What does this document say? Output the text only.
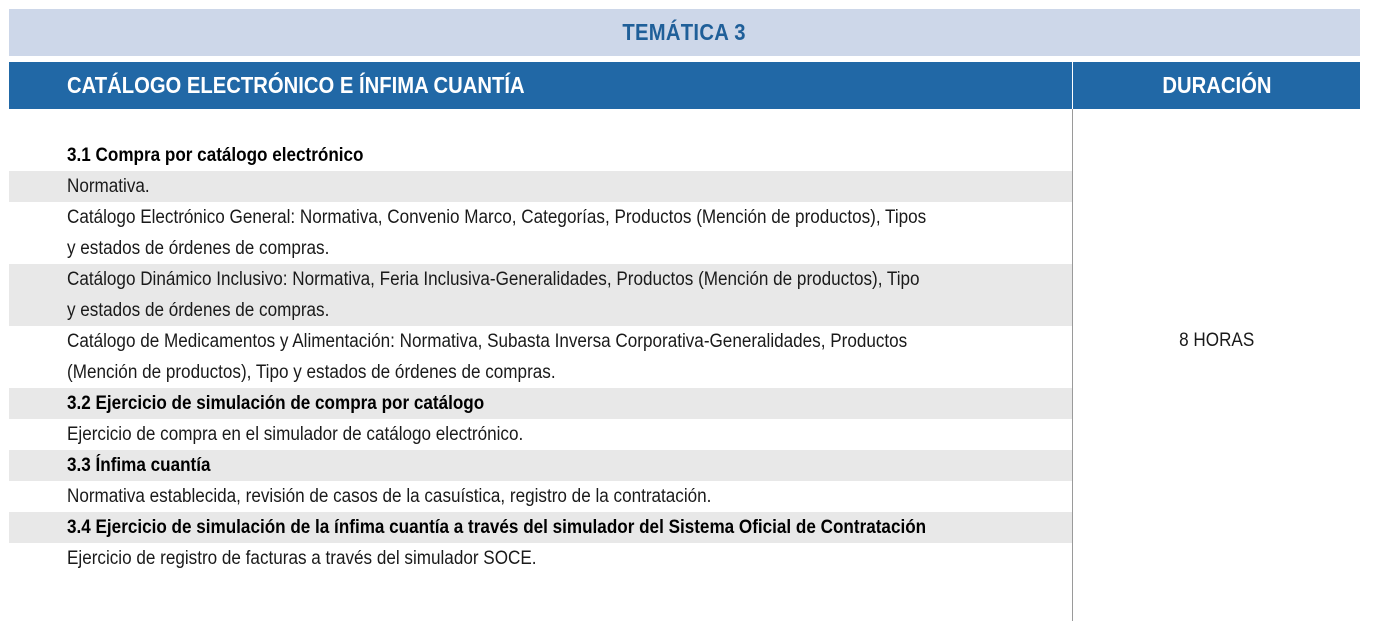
TEMÁTICA 3
CATÁLOGO ELECTRÓNICO E ÍNFIMA CUANTÍA	DURACIÓN
3.1 Compra por catálogo electrónico
Normativa.
Catálogo Electrónico General: Normativa, Convenio Marco, Categorías, Productos (Mención de productos), Tipos y estados de órdenes de compras.
Catálogo Dinámico Inclusivo: Normativa, Feria Inclusiva-Generalidades, Productos (Mención de productos), Tipo y estados de órdenes de compras.
Catálogo de Medicamentos y Alimentación: Normativa, Subasta Inversa Corporativa-Generalidades, Productos (Mención de productos), Tipo y estados de órdenes de compras.
3.2 Ejercicio de simulación de compra por catálogo
Ejercicio de compra en el simulador de catálogo electrónico.
3.3 Ínfima cuantía
Normativa establecida, revisión de casos de la casuística, registro de la contratación.
3.4 Ejercicio de simulación de la ínfima cuantía a través del simulador del Sistema Oficial de Contratación
Ejercicio de registro de facturas a través del simulador SOCE.
8 HORAS
